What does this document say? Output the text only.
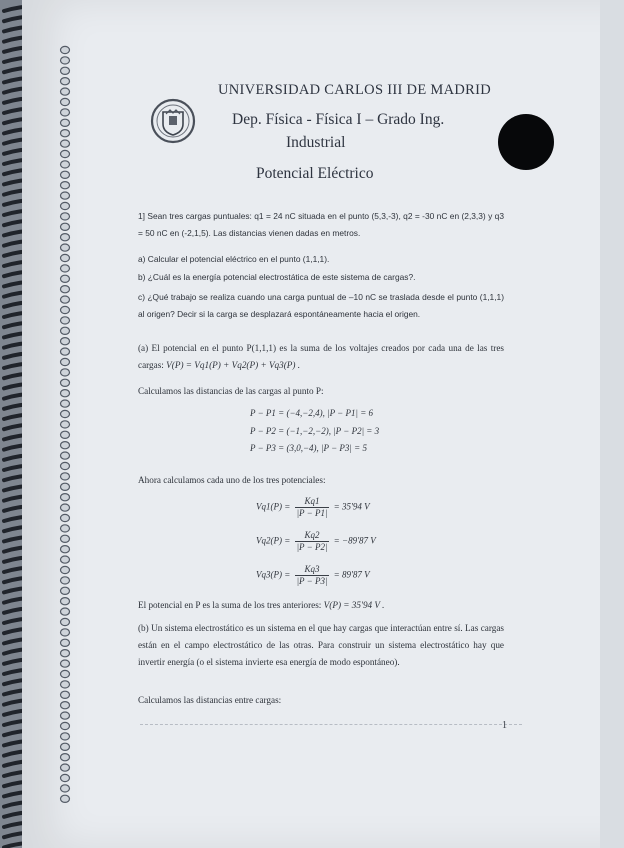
UNIVERSIDAD CARLOS III DE MADRID
Dep. Física - Física I – Grado Ing.
Industrial
Potencial Eléctrico
1] Sean tres cargas puntuales: q1 = 24 nC situada en el punto (5,3,-3), q2 = -30 nC en (2,3,3) y q3 = 50 nC en (-2,1,5). Las distancias vienen dadas en metros.
a) Calcular el potencial eléctrico en el punto (1,1,1).
b) ¿Cuál es la energía potencial electrostática de este sistema de cargas?.
c) ¿Qué trabajo se realiza cuando una carga puntual de –10 nC se traslada desde el punto (1,1,1) al origen? Decir si la carga se desplazará espontáneamente hacia el origen.
(a) El potencial en el punto P(1,1,1) es la suma de los voltajes creados por cada una de las tres cargas: V(P) = Vq1(P) + Vq2(P) + Vq3(P) .
Calculamos las distancias de las cargas al punto P:
P − P1 = (−4,−2,4), |P − P1| = 6
P − P2 = (−1,−2,−2), |P − P2| = 3
P − P3 = (3,0,−4), |P − P3| = 5
Ahora calculamos cada uno de los tres potenciales:
$Vq1(P) = \frac{Kq1}{|P - P1|} = 35'94$ V
$Vq2(P) = \frac{Kq2}{|P - P2|} = -89'87$ V
$Vq3(P) = \frac{Kq3}{|P - P3|} = 89'87$ V
El potencial en P es la suma de los tres anteriores: V(P) = 35'94 V .
(b) Un sistema electrostático es un sistema en el que hay cargas que interactúan entre sí. Las cargas están en el campo electrostático de las otras. Para construir un sistema electrostático hay que invertir energía (o el sistema invierte esa energía de modo espontáneo).
Calculamos las distancias entre cargas:
1
